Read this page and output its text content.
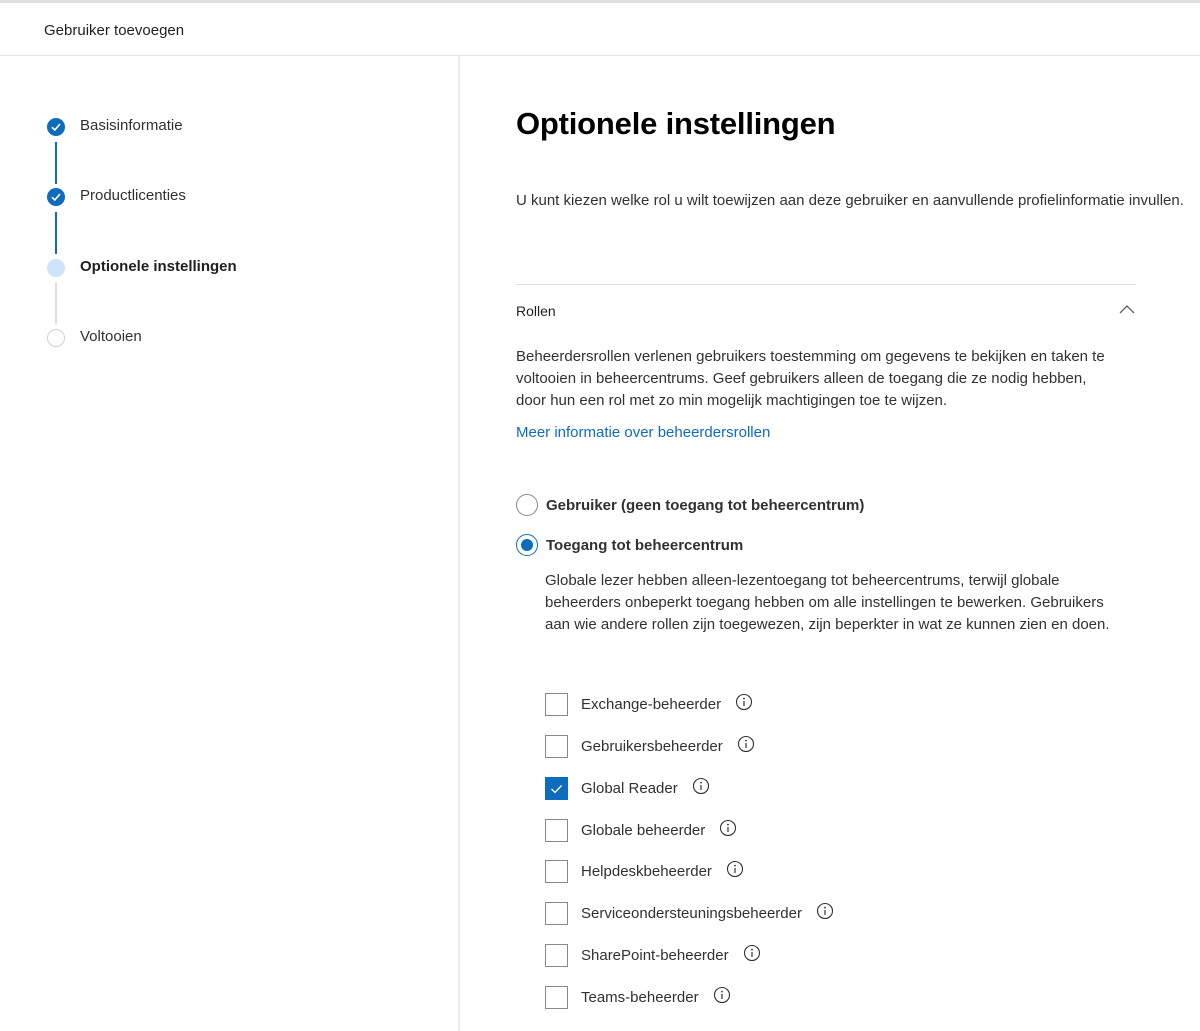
Gebruiker toevoegen
Basisinformatie
Productlicenties
Optionele instellingen
Voltooien
Optionele instellingen

U kunt kiezen welke rol u wilt toewijzen aan deze gebruiker en aanvullende profielinformatie invullen.

Rollen

Beheerdersrollen verlenen gebruikers toestemming om gegevens te bekijken en taken te voltooien in beheercentrums. Geef gebruikers alleen de toegang die ze nodig hebben, door hun een rol met zo min mogelijk machtigingen toe te wijzen.

Meer informatie over beheerdersrollen
Gebruiker (geen toegang tot beheercentrum)
Toegang tot beheercentrum

Globale lezer hebben alleen-lezentoegang tot beheercentrums, terwijl globale beheerders onbeperkt toegang hebben om alle instellingen te bewerken. Gebruikers aan wie andere rollen zijn toegewezen, zijn beperkter in wat ze kunnen zien en doen.

Exchange-beheerder
Gebruikersbeheerder
Global Reader
Globale beheerder
Helpdeskbeheerder
Serviceondersteuningsbeheerder
SharePoint-beheerder
Teams-beheerder
